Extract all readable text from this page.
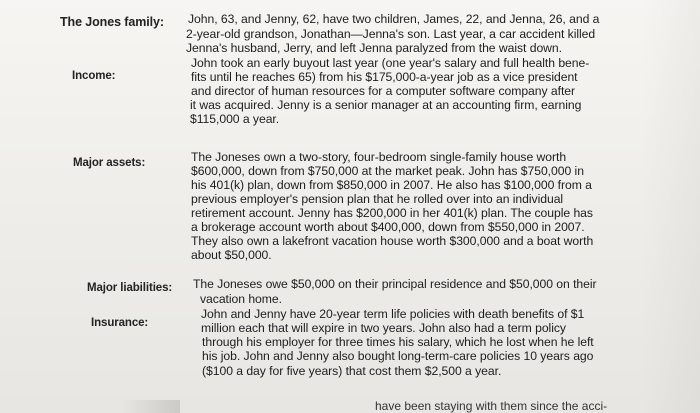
The Jones family: John, 63, and Jenny, 62, have two children, James, 22, and Jenna, 26, and a
2-year-old grandson, Jonathan—Jenna's son. Last year, a car accident killed
Jenna's husband, Jerry, and left Jenna paralyzed from the waist down.
Income:
John took an early buyout last year (one year's salary and full health bene-
fits until he reaches 65) from his $175,000-a-year job as a vice president
and director of human resources for a computer software company after
it was acquired. Jenny is a senior manager at an accounting firm, earning
$115,000 a year.
Major assets:	The Joneses own a two-story, four-bedroom single-family house worth
$600,000, down from $750,000 at the market peak. John has $750,000 in
his 401(k) plan, down from $850,000 in 2007. He also has $100,000 from a
previous employer's pension plan that he rolled over into an individual
retirement account. Jenny has $200,000 in her 401(k) plan. The couple has
a brokerage account worth about $400,000, down from $550,000 in 2007.
They also own a lakefront vacation house worth $300,000 and a boat worth
about $50,000.
Major liabilities: The Joneses owe $50,000 on their principal residence and $50,000 on their
vacation home.
Insurance:
John and Jenny have 20-year term life policies with death benefits of $1
million each that will expire in two years. John also had a term policy
through his employer for three times his salary, which he lost when he left
his job. John and Jenny also bought long-term-care policies 10 years ago
($100 a day for five years) that cost them $2,500 a year.
have been staying with them since the acci-
